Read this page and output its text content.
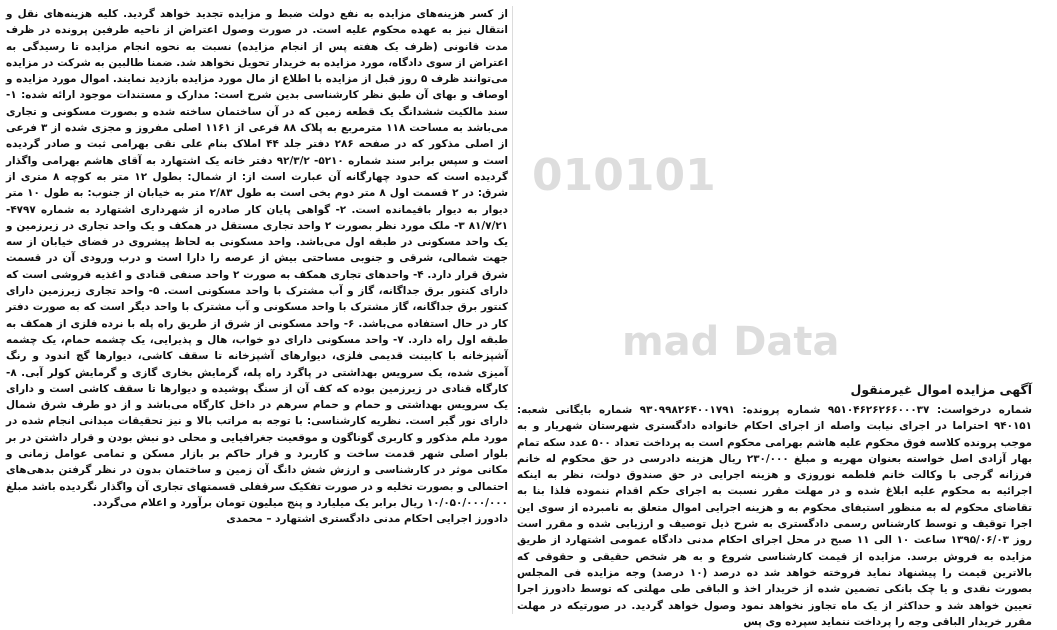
010101
mad Data

از کسر هزینه‌های مزایده به نفع دولت ضبط و مزایده تجدید خواهد گردید. کلیه هزینه‌های نقل و انتقال نیز به عهده محکوم علیه است. در صورت وصول اعتراض از ناحیه طرفین پرونده در ظرف مدت قانونی (ظرف یک هفته پس از انجام مزایده) نسبت به نحوه انجام مزایده تا رسیدگی به اعتراض از سوی دادگاه، مورد مزایده به خریدار تحویل نخواهد شد. ضمنا طالبین به شرکت در مزایده می‌توانند ظرف ۵ روز قبل از مزایده با اطلاع از مال مورد مزایده بازدید نمایند. اموال مورد مزایده و اوصاف و بهای آن طبق نظر کارشناسی بدین شرح است: مدارک و مستندات موجود ارائه شده: ۱- سند مالکیت ششدانگ یک قطعه زمین که در آن ساختمان ساخته شده و بصورت مسکونی و تجاری می‌باشد به مساحت ۱۱۸ مترمربع به پلاک ۸۸ فرعی از ۱۱۶۱ اصلی مفروز و مجزی شده از ۳ فرعی از اصلی مذکور که در صفحه ۲۸۶ دفتر جلد ۴۴ املاک بنام علی نقی بهرامی ثبت و صادر گردیده است و سپس برابر سند شماره ۵۲۱۰- ۹۲/۳/۲ دفتر خانه یک اشتهارد به آقای هاشم بهرامی واگذار گردیده است که حدود چهارگانه آن عبارت است از: از شمال: بطول ۱۲ متر به کوچه ۸ متری از شرق: در ۲ قسمت اول ۸ متر دوم یخی است به طول ۲/۸۳ متر به خیابان از جنوب: به طول ۱۰ متر دیوار به دیوار باقیمانده است. ۲- گواهی پایان کار صادره از شهرداری اشتهارد به شماره ۴۷۹۷- ۸۱/۷/۲۱ ۳- ملک مورد نظر بصورت ۲ واحد تجاری مستقل در همکف و یک واحد تجاری در زیرزمین و یک واحد مسکونی در طبقه اول می‌باشد. واحد مسکونی به لحاظ پیشروی در فضای خیابان از سه جهت شمالی، شرقی و جنوبی مساحتی بیش از عرصه را دارا است و درب ورودی آن در قسمت شرق قرار دارد. ۴- واحدهای تجاری همکف به صورت ۲ واحد صنفی قنادی و اغذیه فروشی است که دارای کنتور برق جداگانه، گاز و آب مشترک با واحد مسکونی است. ۵- واحد تجاری زیرزمین دارای کنتور برق جداگانه، گاز مشترک با واحد مسکونی و آب مشترک با واحد دیگر است که به صورت دفتر کار در حال استفاده می‌باشد. ۶- واحد مسکونی از شرق از طریق راه پله با نرده فلزی از همکف به طبقه اول راه دارد. ۷- واحد مسکونی دارای دو خواب، هال و پذیرایی، یک چشمه حمام، یک چشمه آشپزخانه با کابینت قدیمی فلزی، دیوارهای آشپزخانه تا سقف کاشی، دیوارها گچ اندود و رنگ آمیزی شده، یک سرویس بهداشتی در پاگرد راه پله، گرمایش بخاری گازی و گرمایش کولر آبی. ۸- کارگاه قنادی در زیرزمین بوده که کف آن از سنگ پوشیده و دیوارها تا سقف کاشی است و دارای یک سرویس بهداشتی و حمام و حمام سرهم در داخل کارگاه می‌باشد و از دو طرف شرق شمال دارای نور گیر است. نظریه کارشناسی: با توجه به مراتب بالا و نیز تحقیقات میدانی انجام شده در مورد ملم مذکور و کاربری گوناگون و موقعیت جغرافیایی و محلی دو نبش بودن و قرار داشتن در بر بلوار اصلی شهر قدمت ساخت و کاربرد و قرار حاکم بر بازار مسکن و تمامی عوامل زمانی و مکانی موثر در کارشناسی و ارزش شش دانگ آن زمین و ساختمان بدون در نظر گرفتن بدهی‌های احتمالی و بصورت تخلیه و در صورت تفکیک سرقفلی قسمتهای تجاری آن واگذار نگردیده باشد مبلغ ۱۰/۰۵۰/۰۰۰/۰۰۰ ریال برابر یک میلیارد و پنج میلیون تومان برآورد و اعلام می‌گردد.

دادورز اجرایی احکام مدنی دادگستری اشتهارد – محمدی

آگهی مزایده اموال غیرمنقول

شماره درخواست: ۹۵۱۰۴۶۲۶۲۶۶۰۰۰۳۷ شماره پرونده: ۹۳۰۹۹۸۲۶۴۰۰۱۷۹۱ شماره بایگانی شعبه: ۹۴۰۱۵۱ احتراما در اجرای نیابت واصله از اجرای احکام خانواده دادگستری شهرستان شهریار و به موجب پرونده کلاسه فوق محکوم علیه هاشم بهرامی محکوم است به پرداخت تعداد ۵۰۰ عدد سکه تمام بهار آزادی اصل خواسته بعنوان مهریه و مبلغ ۲۳۰/۰۰۰ ریال هزینه دادرسی در حق محکوم له خانم فرزانه گرجی با وکالت خانم فلطمه نوروزی و هزینه اجرایی در حق صندوق دولت، نظر به اینکه اجرائیه به محکوم علیه ابلاغ شده و در مهلت مقرر نسبت به اجرای حکم اقدام ننموده فلذا بنا به تقاضای محکوم له به منظور استیفای محکوم به و هزینه اجرایی اموال متعلق به نامبرده از سوی این اجرا توقیف و توسط کارشناس رسمی دادگستری به شرح ذیل توصیف و ارزیابی شده و مقرر است روز ۱۳۹۵/۰۶/۰۳ ساعت ۱۰ الی ۱۱ صبح در محل اجرای احکام مدنی دادگاه عمومی اشتهارد از طریق مزایده به فروش برسد. مزایده از قیمت کارشناسی شروع و به هر شخص حقیقی و حقوقی که بالاترین قیمت را پیشنهاد نماید فروخته خواهد شد ده درصد (۱۰ درصد) وجه مزایده فی المجلس بصورت نقدی و یا چک بانکی تضمین شده از خریدار اخذ و الباقی طی مهلتی که توسط دادورز اجرا تعیین خواهد شد و حداکثر از یک ماه تجاوز نخواهد نمود وصول خواهد گردید. در صورتیکه در مهلت مقرر خریدار الباقی وجه را پرداخت ننماید سپرده وی پس
